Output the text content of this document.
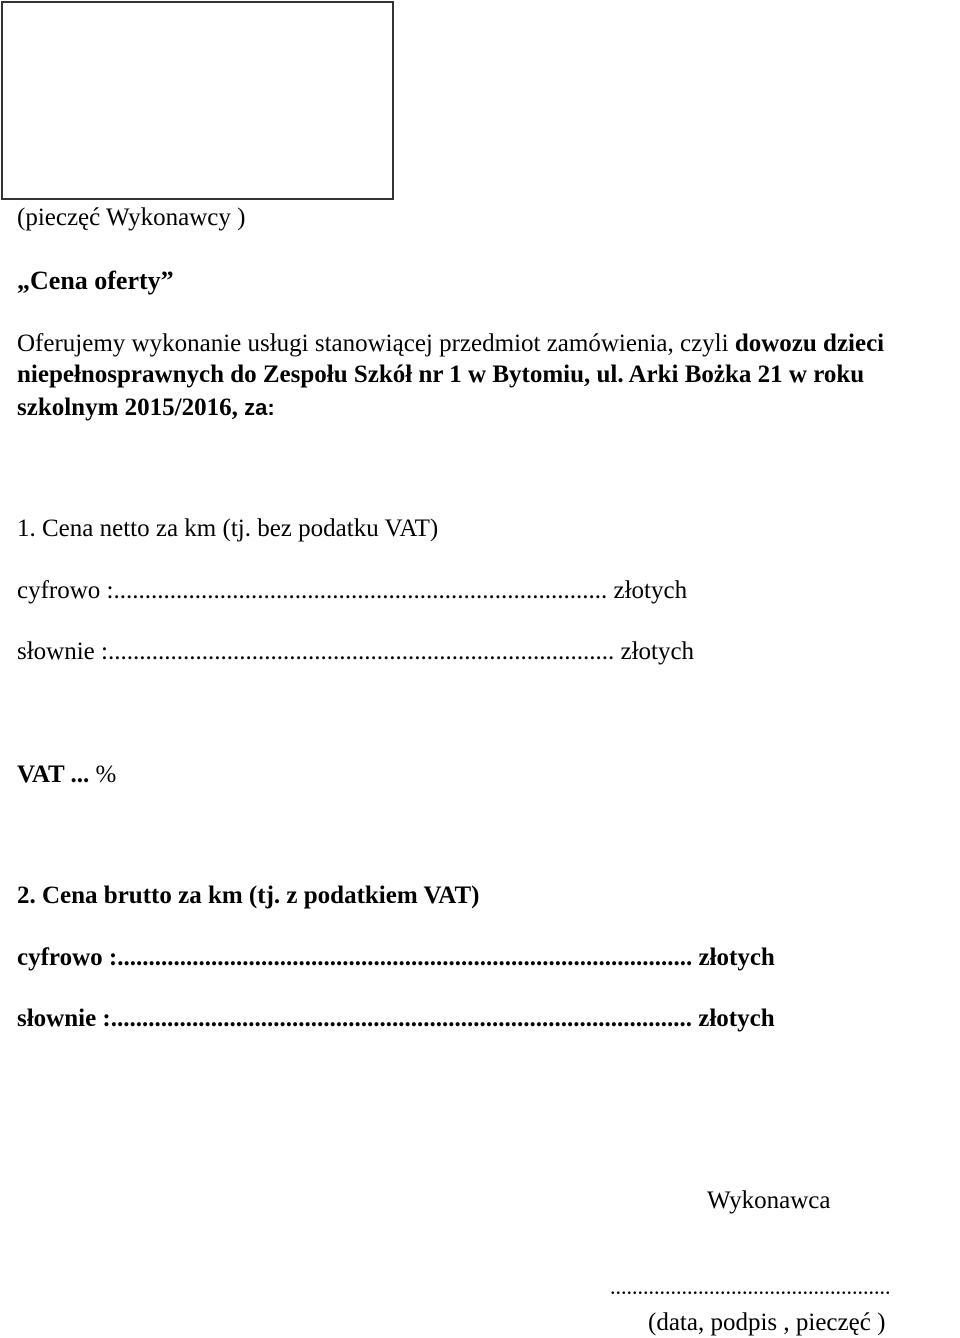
(pieczęć Wykonawcy )
„Cena oferty”
Oferujemy wykonanie usługi stanowiącej przedmiot zamówienia, czyli dowozu dzieci
niepełnosprawnych do Zespołu Szkół nr 1 w Bytomiu, ul. Arki Bożka 21 w roku
szkolnym 2015/2016, za:
1. Cena netto za km (tj. bez podatku VAT)
cyfrowo :............................................................................... złotych
słownie :................................................................................. złotych
VAT ... %
2. Cena brutto za km (tj. z podatkiem VAT)
cyfrowo :............................................................................................ złotych
słownie :............................................................................................. złotych
Wykonawca
...................................................
(data, podpis , pieczęć )
